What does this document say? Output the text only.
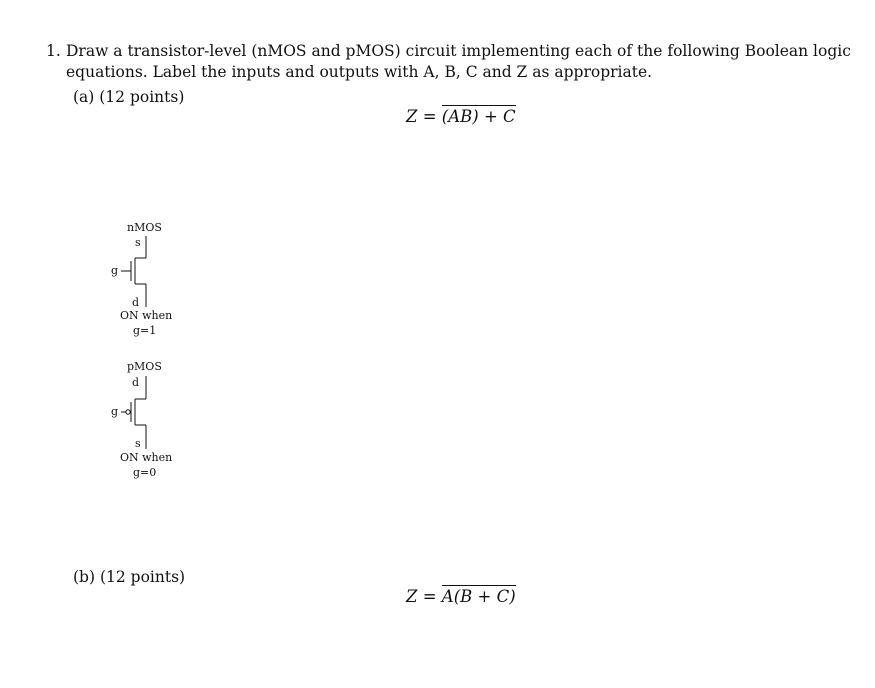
1. Draw a transistor-level (nMOS and pMOS) circuit implementing each of the following Boolean logic
equations. Label the inputs and outputs with A, B, C and Z as appropriate.
(a) (12 points)
Z = (AB) + C
(b) (12 points)
Z = A(B + C)
nMOS
s
g
d
ON when
g=1
pMOS
d
g
s
ON when
g=0
